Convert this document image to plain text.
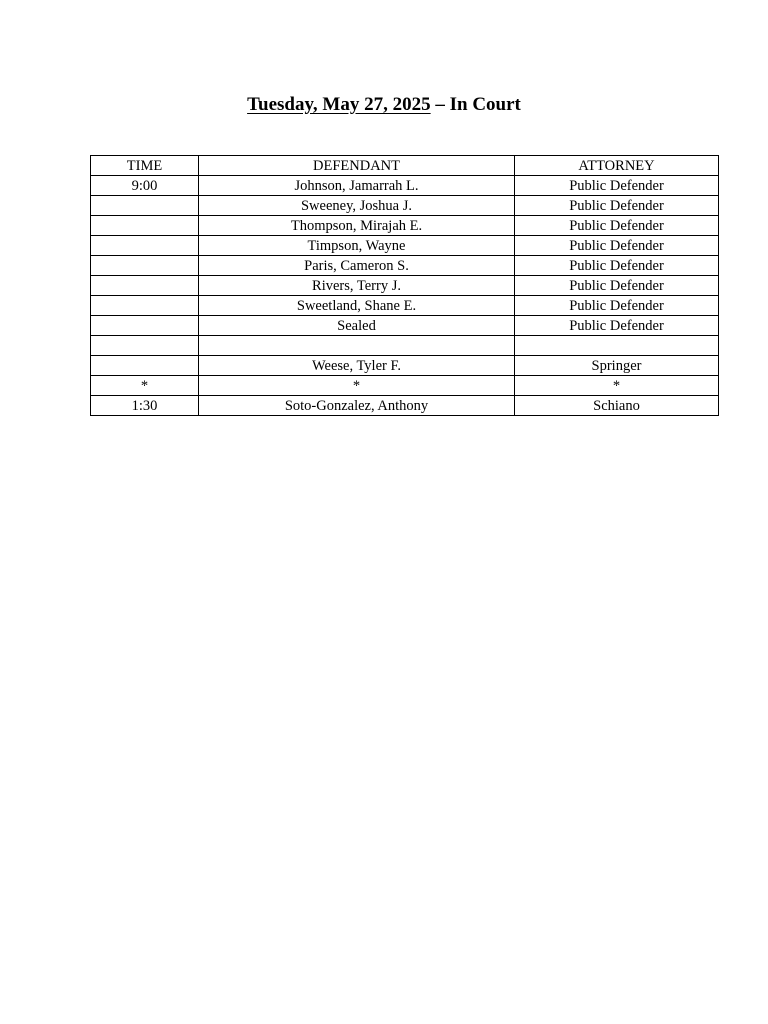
Tuesday, May 27, 2025 – In Court
TIME	DEFENDANT	ATTORNEY
9:00	Johnson, Jamarrah L.	Public Defender
	Sweeney, Joshua J.	Public Defender
	Thompson, Mirajah E.	Public Defender
	Timpson, Wayne	Public Defender
	Paris, Cameron S.	Public Defender
	Rivers, Terry J.	Public Defender
	Sweetland, Shane E.	Public Defender
	Sealed	Public Defender

	Weese, Tyler F.	Springer
*	*	*
1:30	Soto-Gonzalez, Anthony	Schiano
